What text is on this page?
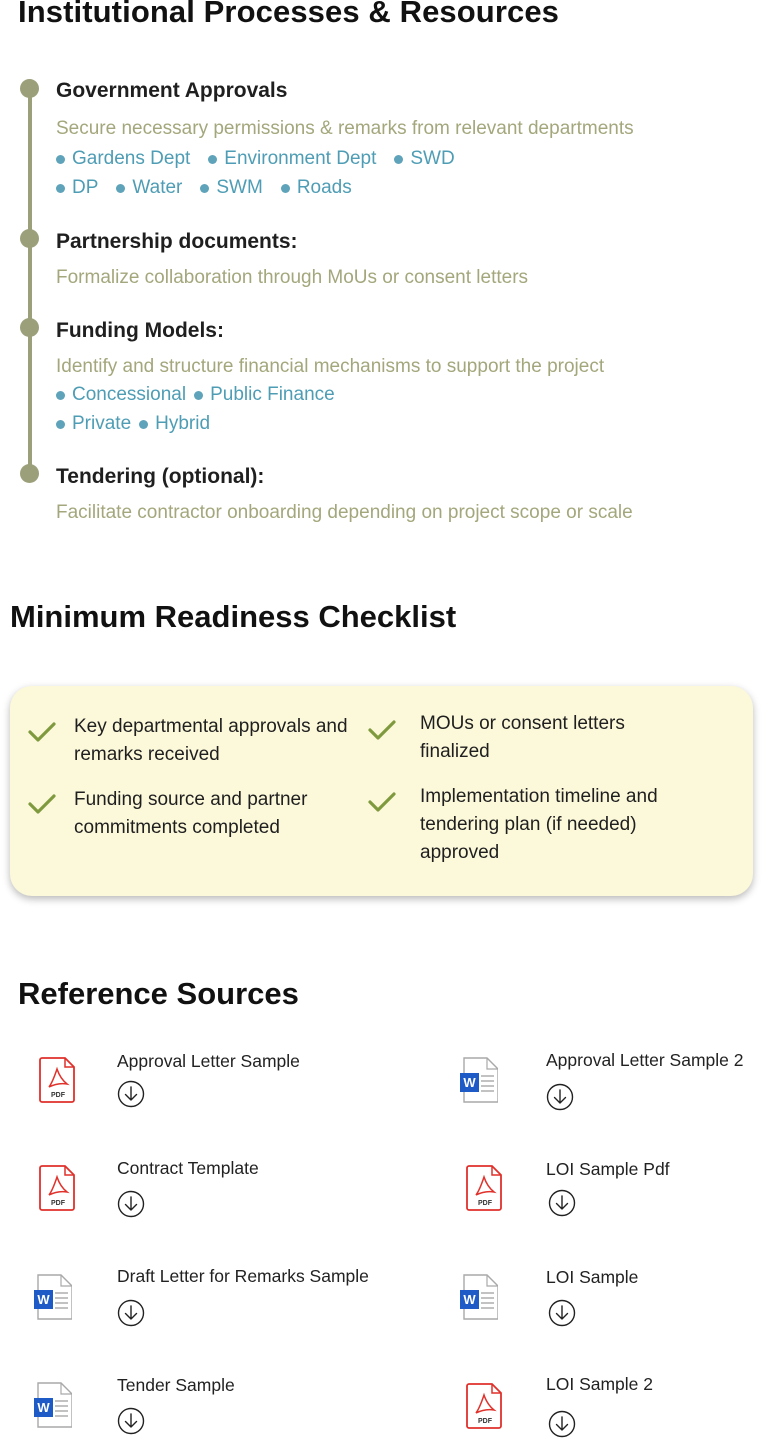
Institutional Processes & Resources
Government Approvals
Secure necessary permissions & remarks from relevant departments
Gardens Dept Environment Dept SWD
DP Water SWM Roads
Partnership documents:
Formalize collaboration through MoUs or consent letters
Funding Models:
Identify and structure financial mechanisms to support the project
Concessional Public Finance
Private Hybrid
Tendering (optional):
Facilitate contractor onboarding depending on project scope or scale
Minimum Readiness Checklist
Key departmental approvals and remarks received
MOUs or consent letters finalized
Funding source and partner commitments completed
Implementation timeline and tendering plan (if needed) approved
Reference Sources
PDF
Approval Letter Sample
W
Approval Letter Sample 2
PDF
Contract Template
PDF
LOI Sample Pdf
W
Draft Letter for Remarks Sample
W
LOI Sample
W
Tender Sample
PDF
LOI Sample 2
